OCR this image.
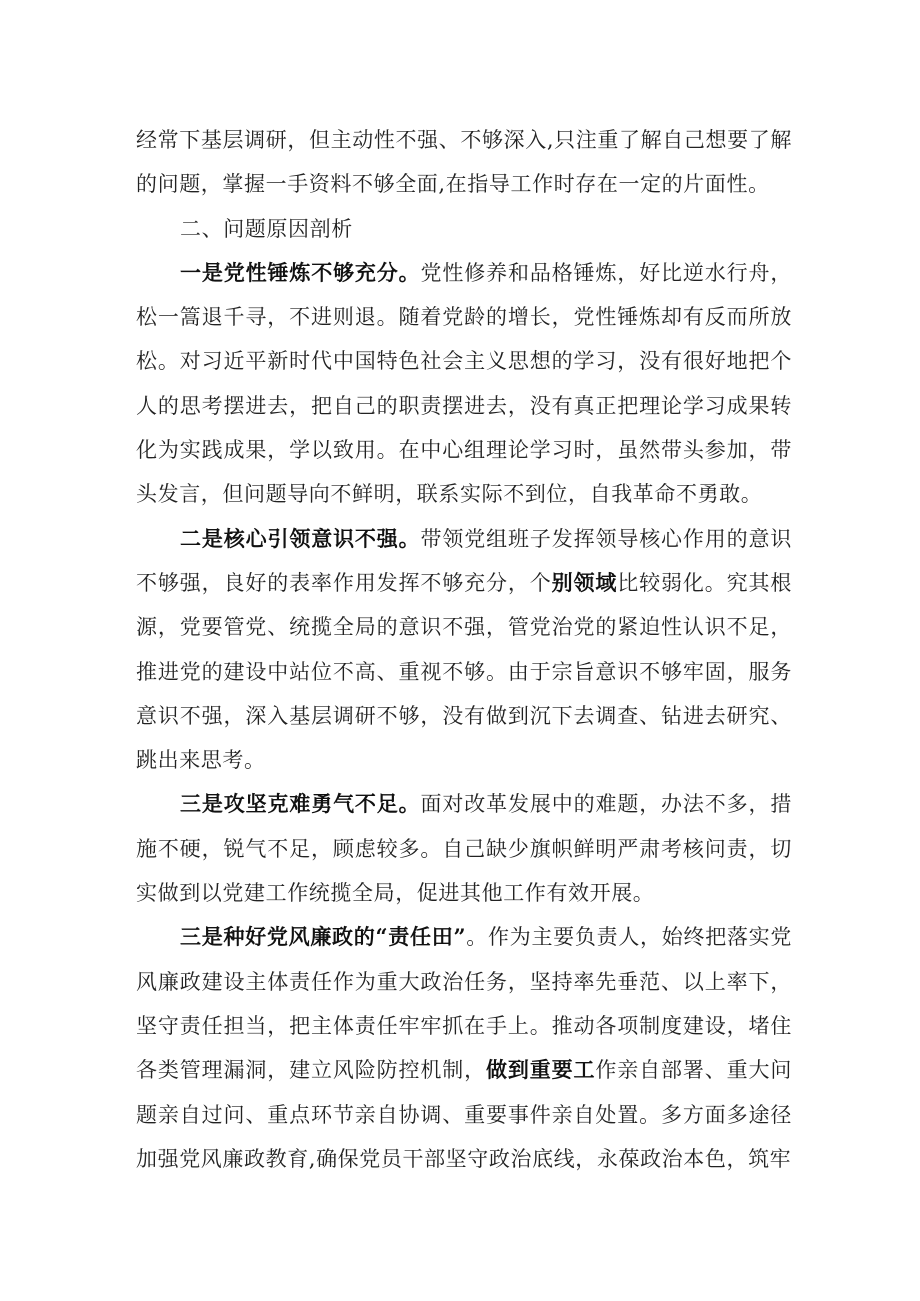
经常下基层调研，但主动性不强、不够深入,只注重了解自己想要了解的问题，掌握一手资料不够全面,在指导工作时存在一定的片面性。

二、问题原因剖析

一是党性锤炼不够充分。党性修养和品格锤炼，好比逆水行舟，松一篙退千寻，不进则退。随着党龄的增长，党性锤炼却有反而所放松。对习近平新时代中国特色社会主义思想的学习，没有很好地把个人的思考摆进去，把自己的职责摆进去，没有真正把理论学习成果转化为实践成果，学以致用。在中心组理论学习时，虽然带头参加，带头发言，但问题导向不鲜明，联系实际不到位，自我革命不勇敢。

二是核心引领意识不强。带领党组班子发挥领导核心作用的意识不够强，良好的表率作用发挥不够充分，个别领域比较弱化。究其根源，党要管党、统揽全局的意识不强，管党治党的紧迫性认识不足，推进党的建设中站位不高、重视不够。由于宗旨意识不够牢固，服务意识不强，深入基层调研不够，没有做到沉下去调查、钻进去研究、跳出来思考。

三是攻坚克难勇气不足。面对改革发展中的难题，办法不多，措施不硬，锐气不足，顾虑较多。自己缺少旗帜鲜明严肃考核问责，切实做到以党建工作统揽全局，促进其他工作有效开展。

三是种好党风廉政的“责任田”。作为主要负责人，始终把落实党风廉政建设主体责任作为重大政治任务，坚持率先垂范、以上率下，坚守责任担当，把主体责任牢牢抓在手上。推动各项制度建设，堵住各类管理漏洞，建立风险防控机制，做到重要工作亲自部署、重大问题亲自过问、重点环节亲自协调、重要事件亲自处置。多方面多途径加强党风廉政教育,确保党员干部坚守政治底线，永葆政治本色，筑牢
